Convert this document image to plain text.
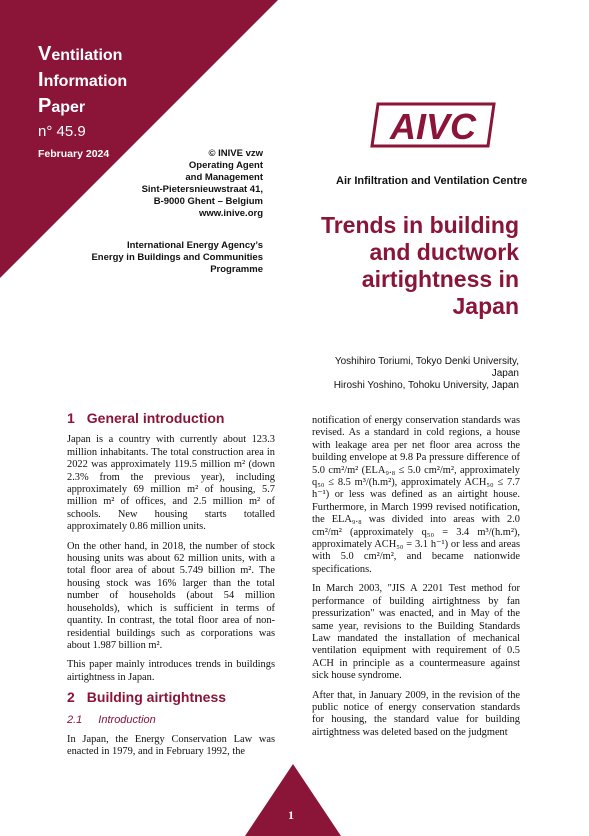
Ventilation
Information
Paper
n° 45.9
February 2024	© INIVE vzw
Operating Agent
and Management
Sint-Pietersnieuwstraat 41,
B-9000 Ghent – Belgium
www.inive.org
International Energy Agency’s
Energy in Buildings and Communities
Programme
AIVC
Air Infiltration and Ventilation Centre
Trends in building
and ductwork
airtightness in
Japan
Yoshihiro Toriumi, Tokyo Denki University,
Japan
Hiroshi Yoshino, Tohoku University, Japan
1 General introduction

Japan is a country with currently about 123.3 million inhabitants. The total construction area in 2022 was approximately 119.5 million m² (down 2.3% from the previous year), including approximately 69 million m² of housing, 5.7 million m² of offices, and 2.5 million m² of schools. New housing starts totalled approximately 0.86 million units.

On the other hand, in 2018, the number of stock housing units was about 62 million units, with a total floor area of about 5.749 billion m². The housing stock was 16% larger than the total number of households (about 54 million households), which is sufficient in terms of quantity. In contrast, the total floor area of non-residential buildings such as corporations was about 1.987 billion m².

This paper mainly introduces trends in buildings airtightness in Japan.

2 Building airtightness
2.1 Introduction

In Japan, the Energy Conservation Law was enacted in 1979, and in February 1992, the

notification of energy conservation standards was revised. As a standard in cold regions, a house with leakage area per net floor area across the building envelope at 9.8 Pa pressure difference of 5.0 cm²/m² (ELA₉.₈ ≤ 5.0 cm²/m², approximately q₅₀ ≤ 8.5 m³/(h.m²), approximately ACH₅₀ ≤ 7.7 h⁻¹) or less was defined as an airtight house. Furthermore, in March 1999 revised notification, the ELA₉.₈ was divided into areas with 2.0 cm²/m² (approximately q₅₀ = 3.4 m³/(h.m²), approximately ACH₅₀ = 3.1 h⁻¹) or less and areas with 5.0 cm²/m², and became nationwide specifications.

In March 2003, "JIS A 2201 Test method for performance of building airtightness by fan pressurization" was enacted, and in May of the same year, revisions to the Building Standards Law mandated the installation of mechanical ventilation equipment with requirement of 0.5 ACH in principle as a countermeasure against sick house syndrome.

After that, in January 2009, in the revision of the public notice of energy conservation standards for housing, the standard value for building airtightness was deleted based on the judgment

1
